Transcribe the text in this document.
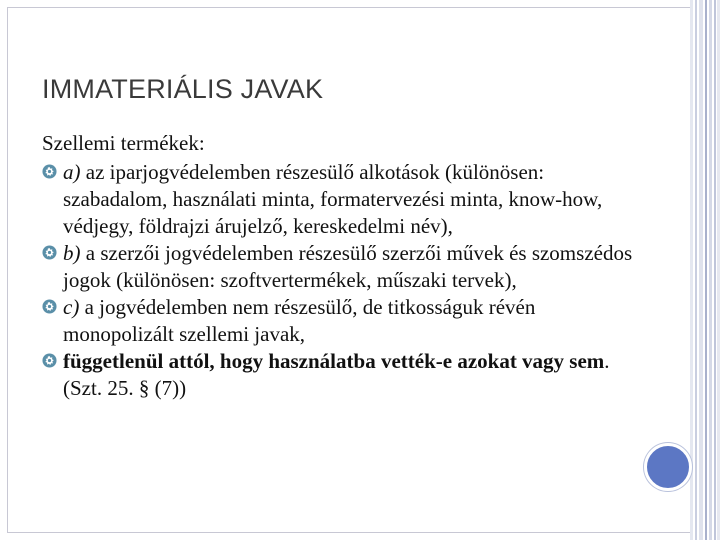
IMMATERIÁLIS JAVAK

Szellemi termékek:

a) az iparjogvédelemben részesülő alkotások (különösen: szabadalom, használati minta, formatervezési minta, know-how, védjegy, földrajzi árujelző, kereskedelmi név),
b) a szerzői jogvédelemben részesülő szerzői művek és szomszédos jogok (különösen: szoftvertermékek, műszaki tervek),
c) a jogvédelemben nem részesülő, de titkosságuk révén monopolizált szellemi javak,
függetlenül attól, hogy használatba vették-e azokat vagy sem. (Szt. 25. § (7))
